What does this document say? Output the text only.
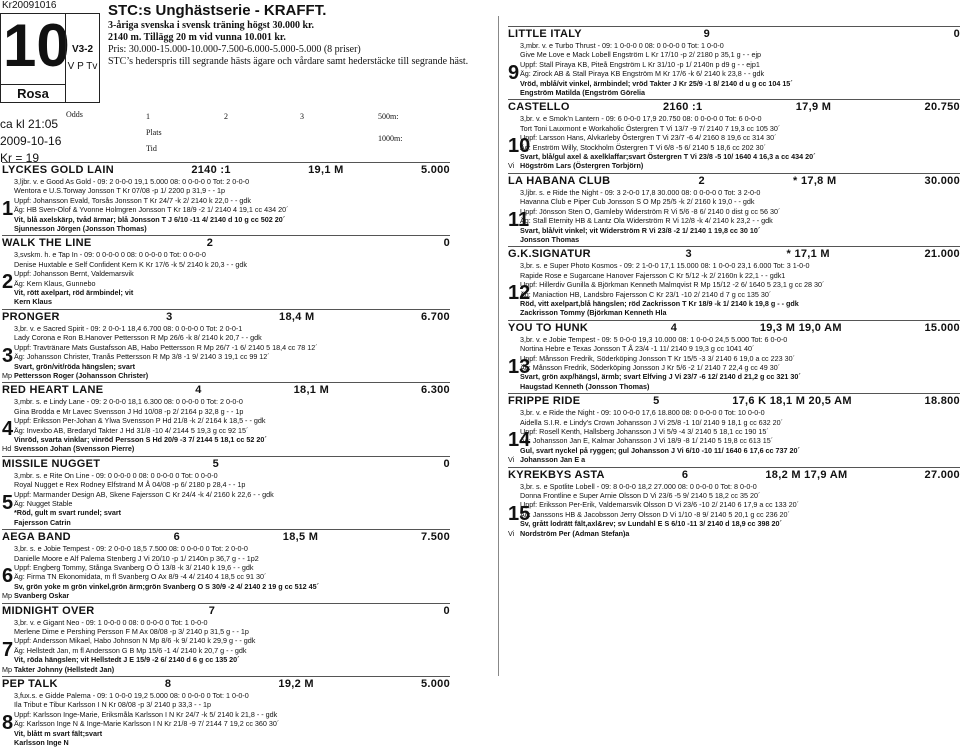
Kr20091016
10
Rosa
V3-2
V P Tv
ca kl 21:05
2009-10-16
Kr = 19
STC:s Unghästserie - KRAFFT.
3-åriga svenska i svensk träning högst 30.000 kr.
2140 m. Tillägg 20 m vid vunna 10.001 kr.
Pris: 30.000-15.000-10.000-7.500-6.000-5.000-5.000 (8 priser)
STC’s hederspris till segrande hästs ägare och vårdare samt hederstäcke till segrande häst.
Odds	1	2	3
Plats
Tid
500m:
1000m:
LYCKES GOLD LAIN	2140 :1	19,1 M	5.000
1
3,ljbr. v. e Good As Gold - 09: 2 0-0-0 19,1 5.000 08: 0 0-0-0 0 Tot: 2 0-0-0
Wentora e U.S.Torway Jonsson T Kr 07/08 -p 1/ 2200 p 31,9 - - 1p
Uppf: Johansson Evald, Torsås Jonsson T Kr 24/7 -k 2/ 2140 k 22,0 - - gdk
Äg: HB Sven-Olof & Yvonne Holmgren Jonsson T Kr 18/9 -2 1/ 2140 4 19,1 cc 434 20´
Vit, blå axelskärp, tvåd ärmar; blå Jonsson T J 6/10 -11 4/ 2140 d 10 g cc 502 20´
Sjunnesson Jörgen (Jonsson Thomas)
WALK THE LINE	2	0
2
3,svskm. h. e Tap In - 09: 0 0-0-0 0 08: 0 0-0-0 0 Tot: 0 0-0-0
Denise Huxtable e Self Confident Kern K Kr 17/6 -k 5/ 2140 k 20,3 - - gdk
Uppf: Johansson Bernt, Valdemarsvik
Äg: Kern Klaus, Gunnebo
Vit, rött axelpart, röd ärmbindel; vit
Kern Klaus
PRONGER	3	18,4 M	6.700
3
3,br. v. e Sacred Spirit - 09: 2 0-0-1 18,4 6.700 08: 0 0-0-0 0 Tot: 2 0-0-1
Lady Corona e Ron B.Hanover Pettersson R Mp 26/6 -k 8/ 2140 k 20,7 - - gdk
Uppf: Travtränare Mats Gustafsson AB, Habo Pettersson R Mp 26/7 -1 6/ 2140 5 18,4 cc 78 12´
Äg: Johansson Christer, Tranås Pettersson R Mp 3/8 -1 9/ 2140 3 19,1 cc 99 12´
Svart, grön/vit/röda hängslen; svart
Mp Pettersson Roger (Johansson Christer)
RED HEART LANE	4	18,1 M	6.300
4
3,mbr. s. e Lindy Lane - 09: 2 0-0-0 18,1 6.300 08: 0 0-0-0 0 Tot: 2 0-0-0
Gina Brodda e Mr Lavec Svensson J Hd 10/08 -p 2/ 2164 p 32,8 g - - 1p
Uppf: Eriksson Per-Johan & Ylwa Svensson P Hd 21/8 -k 2/ 2164 k 18,5 - - gdk
Äg: Invexbo AB, Bredaryd Takter J Hd 31/8 -10 4/ 2144 5 19,3 g cc 92 15´
Vinröd, svarta vinklar; vinröd Persson S Hd 20/9 -3 7/ 2144 5 18,1 cc 52 20´
Hd Svensson Johan (Svensson Pierre)
MISSILE NUGGET	5	0
5
3,mbr. s. e Rite On Line - 09: 0 0-0-0 0 08: 0 0-0-0 0 Tot: 0 0-0-0
Royal Nugget e Rex Rodney Elfstrand M Å 04/08 -p 6/ 2180 p 28,4 - - 1p
Uppf: Marmander Design AB, Skene Fajersson C Kr 24/4 -k 4/ 2160 k 22,6 - - gdk
Äg: Nugget Stable
*Röd, gult m svart rundel; svart
Fajersson Catrin
AEGA BAND	6	18,5 M	7.500
6
3,br. s. e Jobie Tempest - 09: 2 0-0-0 18,5 7.500 08: 0 0-0-0 0 Tot: 2 0-0-0
Danielle Moore e Alf Palema Stenberg J Vi 20/10 -p 1/ 2140n p 36,7 g - - 1p2
Uppf: Engberg Tommy, Stånga Svanberg O Ö 13/8 -k 3/ 2140 k 19,6 - - gdk
Äg: Firma TN Ekonomidata, m fl Svanberg O Ax 8/9 -4 4/ 2140 4 18,5 cc 91 30´
Sv, grön yoke m grön vinkel,grön ärm;grön Svanberg O S 30/9 -2 4/ 2140 2 19 g cc 512 45´
Mp Svanberg Oskar
MIDNIGHT OVER	7	0
7
3,br. v. e Gigant Neo - 09: 1 0-0-0 0 08: 0 0-0-0 0 Tot: 1 0-0-0
Merlene Dime e Pershing Persson F M Ax 08/08 -p 3/ 2140 p 31,5 g - - 1p
Uppf: Andersson Mikael, Habo Johnson N Mp 8/6 -k 9/ 2140 k 29,9 g - - gdk
Äg: Hellstedt Jan, m fl Andersson G B Mp 15/6 -1 4/ 2140 k 20,7 g - - gdk
Vit, röda hängslen; vit Hellstedt J E 15/9 -2 6/ 2140 d 6 g cc 135 20´
Mp Takter Johnny (Hellstedt Jan)
PEP TALK	8	19,2 M	5.000
8
3,fux.s. e Gidde Palema - 09: 1 0-0-0 19,2 5.000 08: 0 0-0-0 0 Tot: 1 0-0-0
Ila Tribut e Tibur Karlsson I N Kr 08/08 -p 3/ 2140 p 33,3 - - 1p
Uppf: Karlsson Inge-Marie, Eriksmåla Karlsson I N Kr 24/7 -k 5/ 2140 k 21,8 - - gdk
Äg: Karlsson Inge N & Inge-Marie Karlsson I N Kr 21/8 -9 7/ 2144 7 19,2 cc 360 30´
Vit, blått m svart fält;svart
Karlsson Inge N
LITTLE ITALY	9	0
9
3,mbr. v. e Turbo Thrust - 09: 1 0-0-0 0 08: 0 0-0-0 0 Tot: 1 0-0-0
Give Me Love e Mack Lobell Engström L Kr 17/10 -p 2/ 2180 p 35,1 g - - ejp
Uppf: Stall Piraya KB, Piteå Engström L Kr 31/10 -p 1/ 2140n p d9 g - - ejp1
Äg: Zirock AB & Stall Piraya KB Engström M Kr 17/6 -k 6/ 2140 k 23,8 - - gdk
Vröd, mblå/vit vinkel, ärmbindel; vröd Takter J Kr 25/9 -1 8/ 2140 d u g cc 104 15´
Engström Matilda (Engström Görelia
CASTELLO	2160 :1	17,9 M	20.750
10
3,br. v. e Smok’n Lantern - 09: 6 0-0-0 17,9 20.750 08: 0 0-0-0 0 Tot: 6 0-0-0
Tort Toni Lauxmont e Workaholic Östergren T Vi 13/7 -9 7/ 2140 7 19,3 cc 105 30´
Uppf: Larsson Hans, Alvkarleby Östergren T Vi 23/7 -6 4/ 2160 8 19,6 cc 314 30´
Äg: Enström Willy, Stockholm Östergren T Vi 6/8 -5 6/ 2140 5 18,6 cc 202 30´
Svart, blå/gul axel & axelklaffar;svart Östergren T Vi 23/8 -5 10/ 1640 4 16,3 a cc 434 20´
Vi Högström Lars (Östergren Torbjörn)
LA HABANA CLUB	2	* 17,8 M	30.000
11
3,ljbr. s. e Ride the Night - 09: 3 2-0-0 17,8 30.000 08: 0 0-0-0 0 Tot: 3 2-0-0
Havanna Club e Piper Cub Jonsson S O Mp 25/5 -k 2/ 2160 k 19,0 - - gdk
Uppf: Jönsson Sten O, Gamleby Widerström R Vi 5/6 -8 6/ 2140 0 dist g cc 56 30´
Äg: Stall Eternity HB & Lantz Ola Widerström R Vi 12/8 -k 4/ 2140 k 23,2 - - gdk
Svart, blå/vit vinkel; vit Widerström R Vi 23/8 -2 1/ 2140 1 19,8 cc 30 10´
Jonsson Thomas
G.K.SIGNATUR	3	* 17,1 M	21.000
12
3,br. s. e Super Photo Kosmos - 09: 2 1-0-0 17,1 15.000 08: 1 0-0-0 23,1 6.000 Tot: 3 1-0-0
Rapide Rose e Sugarcane Hanover Fajersson C Kr 5/12 -k 2/ 2160n k 22,1 - - gdk1
Uppf: Hillerdiv Gunilla & Björkman Kenneth Malmqvist R Mp 15/12 -2 6/ 1640 5 23,1 g cc 28 30´
Äg: Maniaction HB, Landsbro Fajersson C Kr 23/1 -10 2/ 2140 d 7 g cc 135 30´
Röd, vitt axelpart,blå hängslen; röd Zackrisson T Kr 18/9 -k 1/ 2140 k 19,8 g - - gdk
Zackrisson Tommy (Björkman Kenneth Hla
YOU TO HUNK	4	19,3 M 19,0 AM	15.000
13
3,br. v. e Jobie Tempest - 09: 5 0-0-0 19,3 10.000 08: 1 0-0-0 24,5 5.000 Tot: 6 0-0-0
Nortina Hebre e Texas Jonsson T Å 23/4 -1 11/ 2140 9 19,3 g cc 1041 40´
Uppf: Månsson Fredrik, Söderköping Jonsson T Kr 15/5 -3 3/ 2140 6 19,0 a cc 223 30´
Äg: Månsson Fredrik, Söderköping Jonsson J Kr 5/6 -2 1/ 2140 7 22,4 g cc 49 30´
Svart, grön axp/hängsl, ärmb; svart Elfving J Vi 23/7 -6 12/ 2140 d 21,2 g cc 321 30´
Haugstad Kenneth (Jonsson Thomas)
FRIPPE RIDE	5	17,6 K 18,1 M 20,5 AM	18.800
14
3,br. v. e Ride the Night - 09: 10 0-0-0 17,6 18.800 08: 0 0-0-0 0 Tot: 10 0-0-0
Aidella S.I.R. e Lindy’s Crown Johansson J Vi 25/8 -1 10/ 2140 9 18,1 g cc 632 20´
Uppf: Rosell Kenth, Hallsberg Johansson J Vi 5/9 -4 3/ 2140 5 18,1 cc 190 15´
Äg: Johansson Jan E, Kalmar Johansson J Vi 18/9 -8 1/ 2140 5 19,8 cc 613 15´
Gul, svart nyckel på ryggen; gul Johansson J Vi 6/10 -10 11/ 1640 6 17,6 cc 737 20´
Vi Johansson Jan E a
KYREKBYS ASTA	6	18,2 M 17,9 AM	27.000
15
3,br. s. e Spotlite Lobell - 09: 8 0-0-0 18,2 27.000 08: 0 0-0-0 0 Tot: 8 0-0-0
Donna Frontline e Super Arnie Olsson D Vi 23/6 -5 9/ 2140 5 18,2 cc 35 20´
Uppf: Eriksson Per-Erik, Valdemarsvik Olsson D Vi 23/6 -10 2/ 2140 6 17,9 a cc 133 20´
Äg: Janssons HB & Jacobsson Jerry Olsson D Vi 1/10 -8 9/ 2140 5 20,1 g cc 236 20´
Sv, grått lodrätt fält,axl&rev; sv Lundahl E S 6/10 -11 3/ 2140 d 18,9 cc 398 20´
Vi Nordström Per (Adman Stefan)a
